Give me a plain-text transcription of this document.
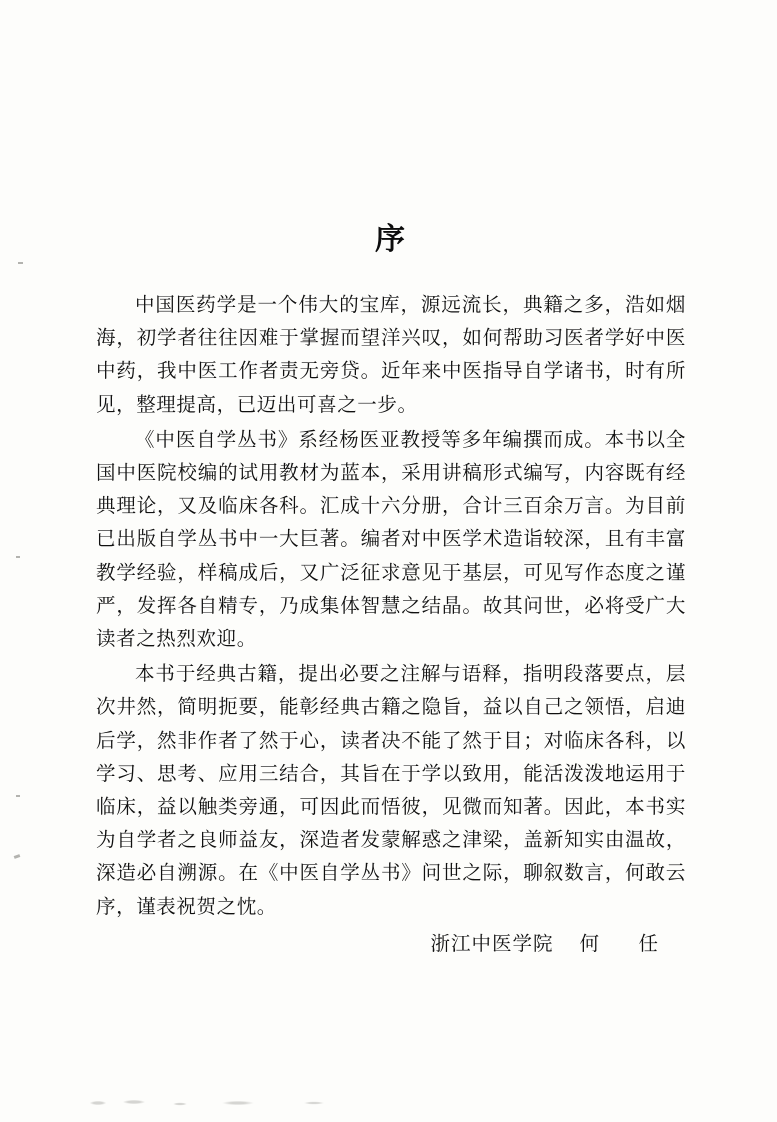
序

中国医药学是一个伟大的宝库，源远流长，典籍之多，浩如烟海，初学者往往因难于掌握而望洋兴叹，如何帮助习医者学好中医中药，我中医工作者责无旁贷。近年来中医指导自学诸书，时有所见，整理提高，已迈出可喜之一步。

《中医自学丛书》系经杨医亚教授等多年编撰而成。本书以全国中医院校编的试用教材为蓝本，采用讲稿形式编写，内容既有经典理论，又及临床各科。汇成十六分册，合计三百余万言。为目前已出版自学丛书中一大巨著。编者对中医学术造诣较深，且有丰富教学经验，样稿成后，又广泛征求意见于基层，可见写作态度之谨严，发挥各自精专，乃成集体智慧之结晶。故其问世，必将受广大读者之热烈欢迎。

本书于经典古籍，提出必要之注解与语释，指明段落要点，层次井然，简明扼要，能彰经典古籍之隐旨，益以自己之领悟，启迪后学，然非作者了然于心，读者决不能了然于目；对临床各科，以学习、思考、应用三结合，其旨在于学以致用，能活泼泼地运用于临床，益以触类旁通，可因此而悟彼，见微而知著。因此，本书实为自学者之良师益友，深造者发蒙解惑之津梁，盖新知实由温故，深造必自溯源。在《中医自学丛书》问世之际，聊叙数言，何敢云序，谨表祝贺之忱。

浙江中医学院 何　任
